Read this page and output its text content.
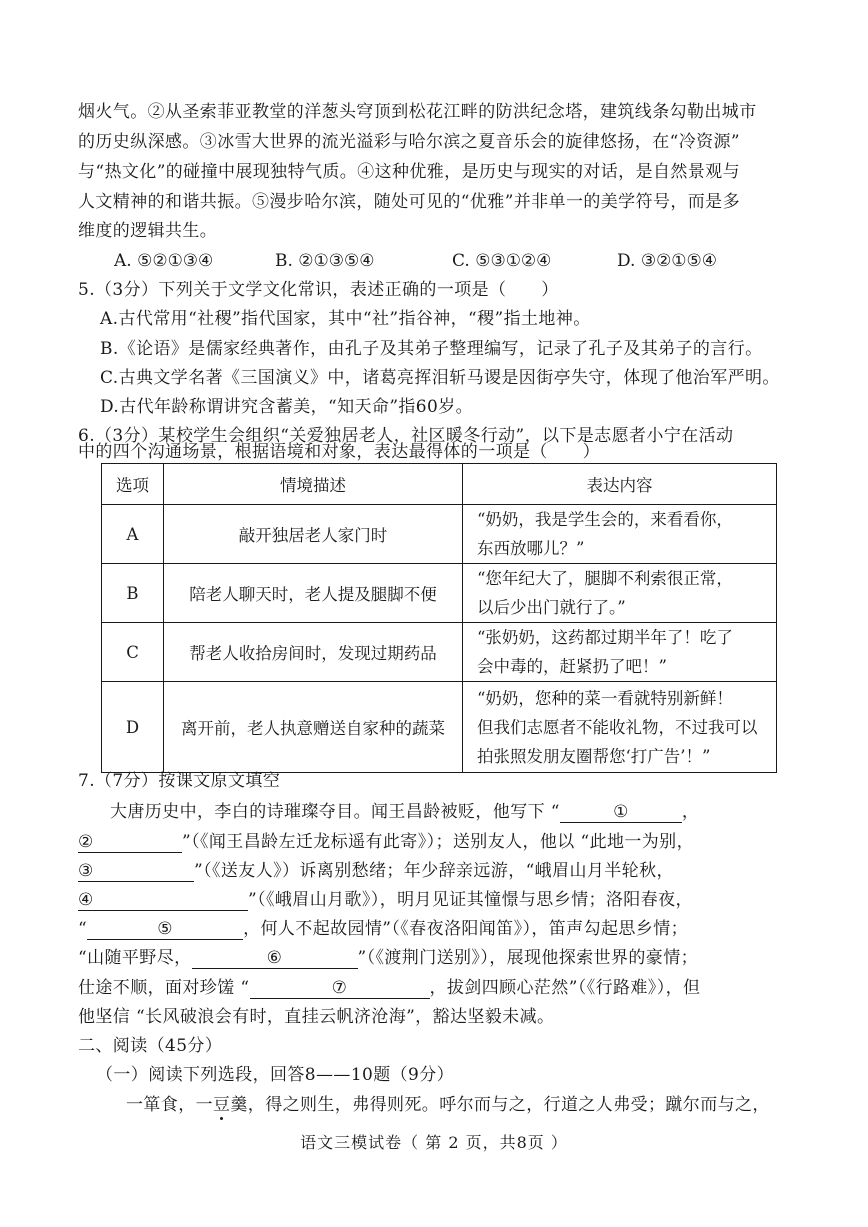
烟火气。②从圣索菲亚教堂的洋葱头穹顶到松花江畔的防洪纪念塔，建筑线条勾勒出城市
的历史纵深感。③冰雪大世界的流光溢彩与哈尔滨之夏音乐会的旋律悠扬，在“冷资源”
与“热文化”的碰撞中展现独特气质。④这种优雅，是历史与现实的对话，是自然景观与
人文精神的和谐共振。⑤漫步哈尔滨，随处可见的“优雅”并非单一的美学符号，而是多
维度的逻辑共生。
A. ⑤②①③④	B. ②①③⑤④	C. ⑤③①②④	D. ③②①⑤④
5.（3分）下列关于文学文化常识，表述正确的一项是（　　）
A.古代常用“社稷”指代国家，其中“社”指谷神，“稷”指土地神。
B.《论语》是儒家经典著作，由孔子及其弟子整理编写，记录了孔子及其弟子的言行。
C.古典文学名著《三国演义》中，诸葛亮挥泪斩马谡是因街亭失守，体现了他治军严明。
D.古代年龄称谓讲究含蓄美，“知天命”指60岁。
6.（3分）某校学生会组织“关爱独居老人，社区暖冬行动”，以下是志愿者小宁在活动
中的四个沟通场景，根据语境和对象，表达最得体的一项是（　　）
选项	情境描述	表达内容
A	敲开独居老人家门时	“奶奶，我是学生会的，来看看你，
东西放哪儿？”

B	陪老人聊天时，老人提及腿脚不便	“您年纪大了，腿脚不利索很正常，
以后少出门就行了。”

C	帮老人收拾房间时，发现过期药品	“张奶奶，这药都过期半年了！吃了
会中毒的，赶紧扔了吧！”

D	离开前，老人执意赠送自家种的蔬菜	“奶奶，您种的菜一看就特别新鲜！
但我们志愿者不能收礼物，不过我可以
拍张照发朋友圈帮您‘打广告’！”
7.（7分）按课文原文填空
大唐历史中，李白的诗璀璨夺目。闻王昌龄被贬，他写下 “	①	，
②	”（《闻王昌龄左迁龙标遥有此寄》）；送别友人，他以 “此地一为别，
③	”（《送友人》）诉离别愁绪；年少辞亲远游，“峨眉山月半轮秋，
④	”（《峨眉山月歌》），明月见证其憧憬与思乡情；洛阳春夜，
“	⑤	，何人不起故园情”（《春夜洛阳闻笛》），笛声勾起思乡情；
“山随平野尽，	⑥	”（《渡荆门送别》），展现他探索世界的豪情；
仕途不顺，面对珍馐 “	⑦	，拔剑四顾心茫然”（《行路难》），但
他坚信 “长风破浪会有时，直挂云帆济沧海”，豁达坚毅未减。
二、阅读（45分）
（一）阅读下列选段，回答8——10题（9分）
一箪食，一豆羹，得之则生，弗得则死。呼尔而与之，行道之人弗受；蹴尔而与之，
语文三模试卷（ 第 2 页，共8页 ）
